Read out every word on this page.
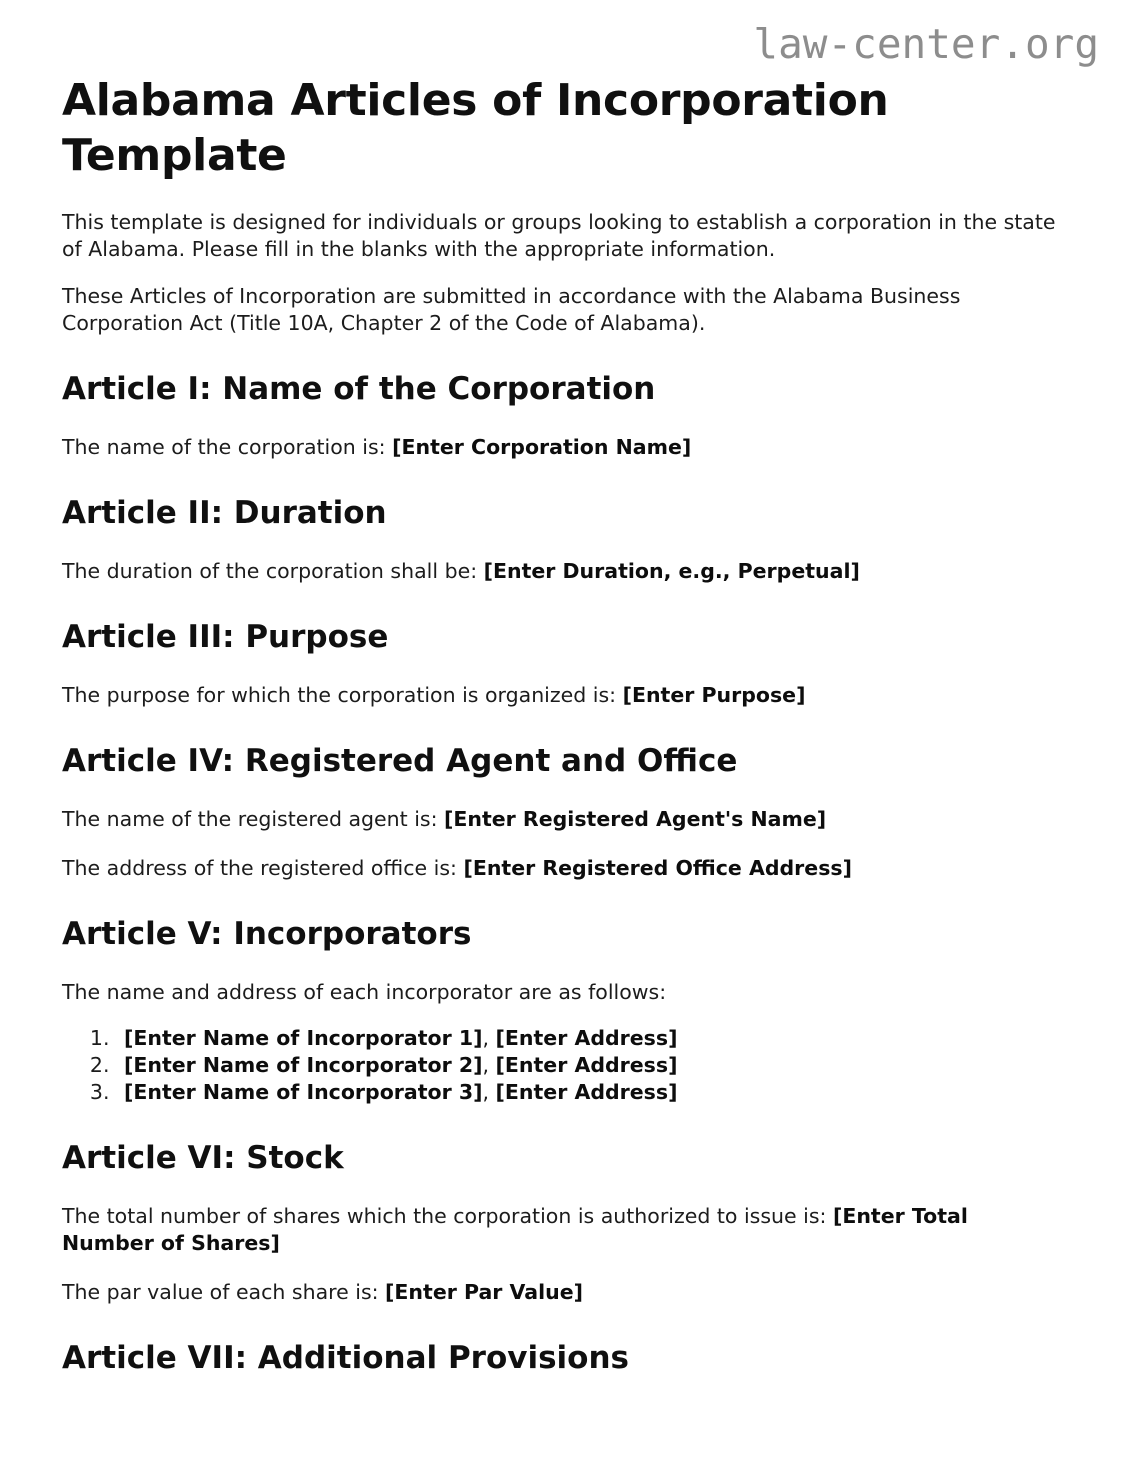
law-center.org
Alabama Articles of Incorporation Template

This template is designed for individuals or groups looking to establish a corporation in the state of Alabama. Please fill in the blanks with the appropriate information.

These Articles of Incorporation are submitted in accordance with the Alabama Business Corporation Act (Title 10A, Chapter 2 of the Code of Alabama).

Article I: Name of the Corporation

The name of the corporation is: [Enter Corporation Name]

Article II: Duration

The duration of the corporation shall be: [Enter Duration, e.g., Perpetual]

Article III: Purpose

The purpose for which the corporation is organized is: [Enter Purpose]

Article IV: Registered Agent and Office

The name of the registered agent is: [Enter Registered Agent's Name]

The address of the registered office is: [Enter Registered Office Address]

Article V: Incorporators

The name and address of each incorporator are as follows:

1. [Enter Name of Incorporator 1], [Enter Address]
2. [Enter Name of Incorporator 2], [Enter Address]
3. [Enter Name of Incorporator 3], [Enter Address]
Article VI: Stock

The total number of shares which the corporation is authorized to issue is: [Enter Total Number of Shares]

The par value of each share is: [Enter Par Value]

Article VII: Additional Provisions
